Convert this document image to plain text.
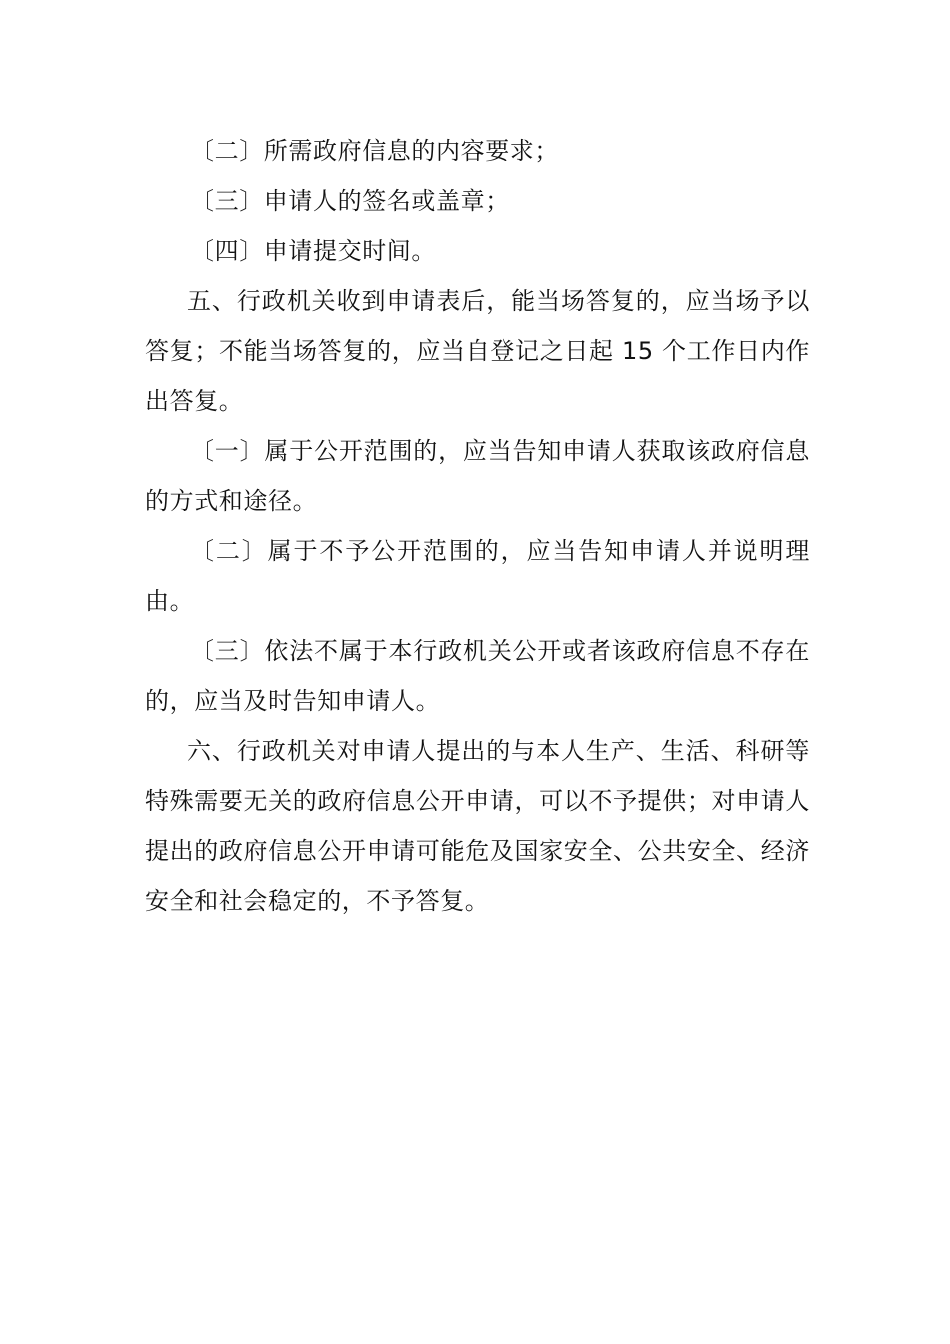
〔二〕所需政府信息的内容要求；

〔三〕申请人的签名或盖章；

〔四〕申请提交时间。

五、行政机关收到申请表后，能当场答复的，应当场予以答复；不能当场答复的，应当自登记之日起 15 个工作日内作出答复。

〔一〕属于公开范围的，应当告知申请人获取该政府信息的方式和途径。

〔二〕属于不予公开范围的，应当告知申请人并说明理由。

〔三〕依法不属于本行政机关公开或者该政府信息不存在的，应当及时告知申请人。

六、行政机关对申请人提出的与本人生产、生活、科研等特殊需要无关的政府信息公开申请，可以不予提供；对申请人提出的政府信息公开申请可能危及国家安全、公共安全、经济安全和社会稳定的，不予答复。
